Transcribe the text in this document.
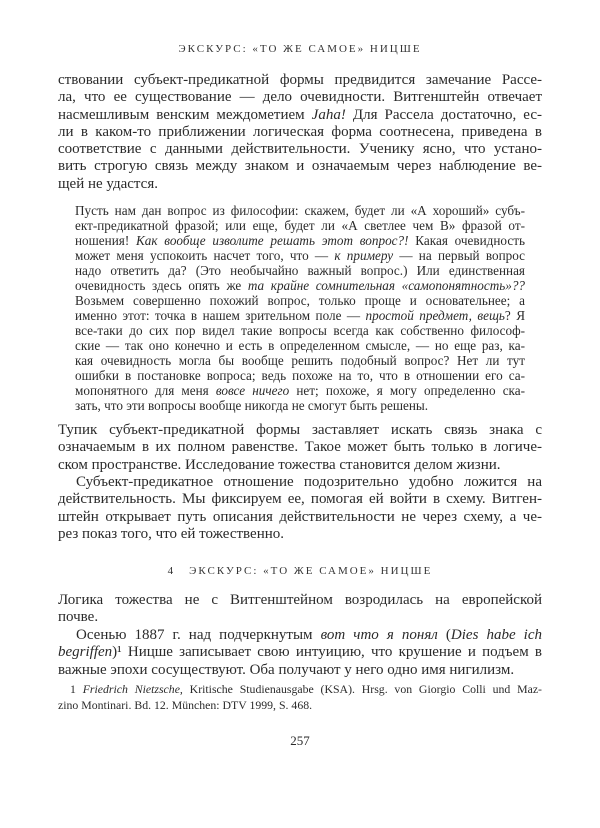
ЭКСКУРС: «ТО ЖЕ САМОЕ» НИЦШЕ
ствовании субъект-предикатной формы предвидится замечание Рассе-
ла, что ее существование — дело очевидности. Витгенштейн отвечает
насмешливым венским междометием Jaha! Для Рассела достаточно, ес-
ли в каком-то приближении логическая форма соотнесена, приведена в
соответствие с данными действительности. Ученику ясно, что устано-
вить строгую связь между знаком и означаемым через наблюдение ве-
щей не удастся.
Пусть нам дан вопрос из философии: скажем, будет ли «А хороший» субъ-
ект-предикатной фразой; или еще, будет ли «А светлее чем В» фразой от-
ношения! Как вообще изволите решать этот вопрос?! Какая очевидность
может меня успокоить насчет того, что — к примеру — на первый вопрос
надо ответить да? (Это необычайно важный вопрос.) Или единственная
очевидность здесь опять же та крайне сомнительная «самопонятность»??
Возьмем совершенно похожий вопрос, только проще и основательнее; а
именно этот: точка в нашем зрительном поле — простой предмет, вещь? Я
все-таки до сих пор видел такие вопросы всегда как собственно философ-
ские — так оно конечно и есть в определенном смысле, — но еще раз, ка-
кая очевидность могла бы вообще решить подобный вопрос? Нет ли тут
ошибки в постановке вопроса; ведь похоже на то, что в отношении его са-
мопонятного для меня вовсе ничего нет; похоже, я могу определенно ска-
зать, что эти вопросы вообще никогда не смогут быть решены.
Тупик субъект-предикатной формы заставляет искать связь знака с
означаемым в их полном равенстве. Такое может быть только в логиче-
ском пространстве. Исследование тожества становится делом жизни.
Субъект-предикатное отношение подозрительно удобно ложится на
действительность. Мы фиксируем ее, помогая ей войти в схему. Витген-
штейн открывает путь описания действительности не через схему, а че-
рез показ того, что ей тожественно.
4 ЭКСКУРС: «ТО ЖЕ САМОЕ» НИЦШЕ
Логика тожества не с Витгенштейном возродилась на европейской
почве.
Осенью 1887 г. над подчеркнутым вот что я понял (Dies habe ich
begriffen)¹ Ницше записывает свою интуицию, что крушение и подъем в
важные эпохи сосуществуют. Оба получают у него одно имя нигилизм.
1 Friedrich Nietzsche, Kritische Studienausgabe (KSA). Hrsg. von Giorgio Colli und Maz-
zino Montinari. Bd. 12. München: DTV 1999, S. 468.
257
